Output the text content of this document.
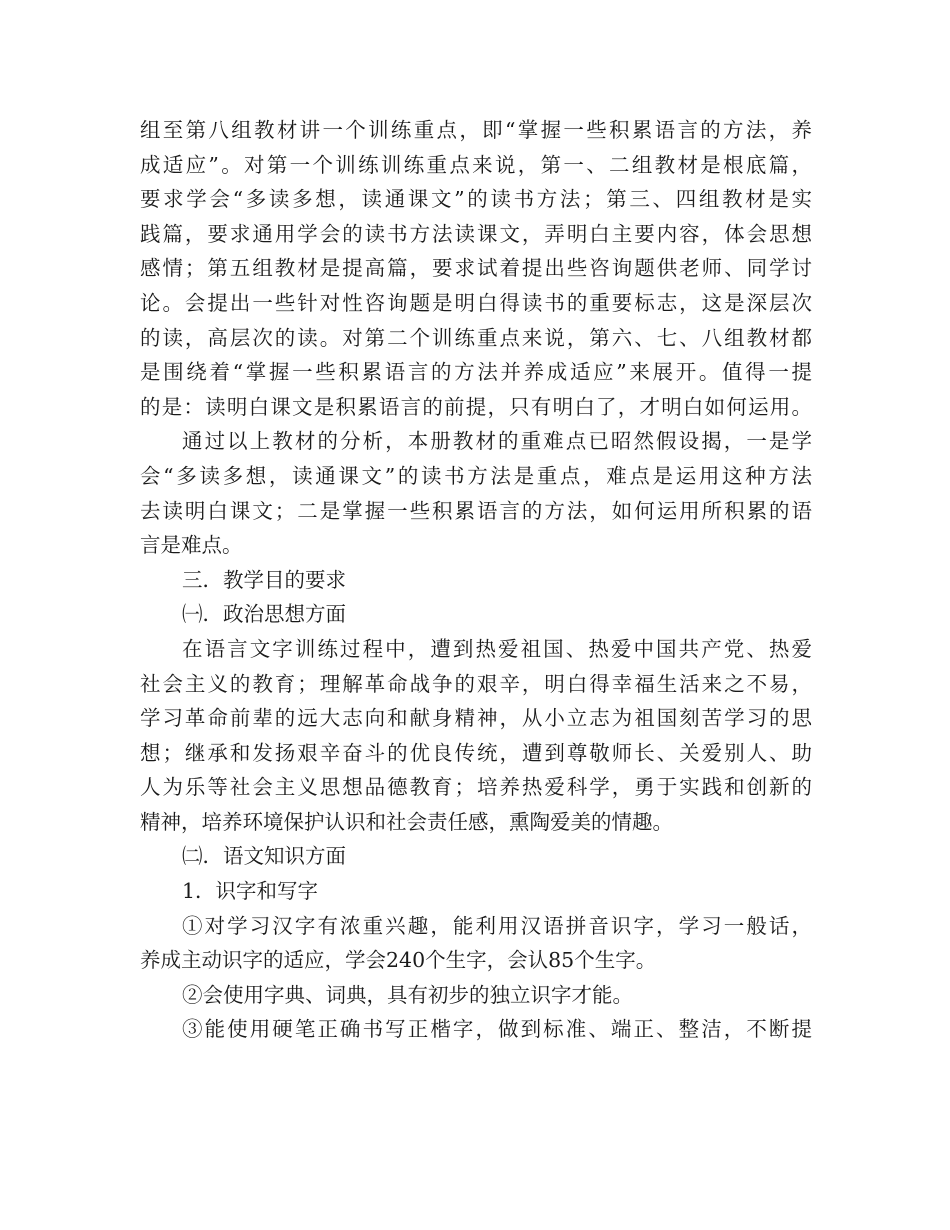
组至第八组教材讲一个训练重点，即“掌握一些积累语言的方法，养
成适应”。对第一个训练训练重点来说，第一、二组教材是根底篇，
要求学会“多读多想，读通课文”的读书方法；第三、四组教材是实
践篇，要求通用学会的读书方法读课文，弄明白主要内容，体会思想
感情；第五组教材是提高篇，要求试着提出些咨询题供老师、同学讨
论。会提出一些针对性咨询题是明白得读书的重要标志，这是深层次
的读，高层次的读。对第二个训练重点来说，第六、七、八组教材都
是围绕着“掌握一些积累语言的方法并养成适应”来展开。值得一提
的是：读明白课文是积累语言的前提，只有明白了，才明白如何运用。
通过以上教材的分析，本册教材的重难点已昭然假设揭，一是学
会“多读多想，读通课文”的读书方法是重点，难点是运用这种方法
去读明白课文；二是掌握一些积累语言的方法，如何运用所积累的语
言是难点。
三．教学目的要求
㈠．政治思想方面
在语言文字训练过程中，遭到热爱祖国、热爱中国共产党、热爱
社会主义的教育；理解革命战争的艰辛，明白得幸福生活来之不易，
学习革命前辈的远大志向和献身精神，从小立志为祖国刻苦学习的思
想；继承和发扬艰辛奋斗的优良传统，遭到尊敬师长、关爱别人、助
人为乐等社会主义思想品德教育；培养热爱科学，勇于实践和创新的
精神，培养环境保护认识和社会责任感，熏陶爱美的情趣。
㈡．语文知识方面
1．识字和写字
①对学习汉字有浓重兴趣，能利用汉语拼音识字，学习一般话，
养成主动识字的适应，学会240个生字，会认85个生字。
②会使用字典、词典，具有初步的独立识字才能。
③能使用硬笔正确书写正楷字，做到标准、端正、整洁，不断提
